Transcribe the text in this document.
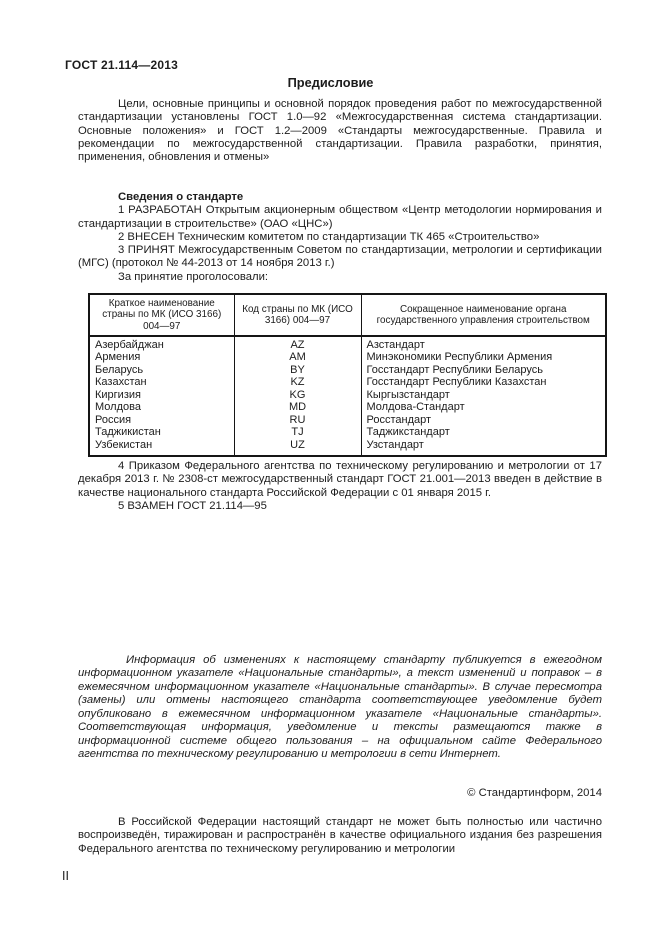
ГОСТ 21.114—2013
Предисловие

Цели, основные принципы и основной порядок проведения работ по межгосударственной стандартизации установлены ГОСТ 1.0—92 «Межгосударственная система стандартизации. Основные положения» и ГОСТ 1.2—2009 «Стандарты межгосударственные. Правила и рекомендации по межгосударственной стандартизации. Правила разработки, принятия, применения, обновления и отмены»

Сведения о стандарте

1 РАЗРАБОТАН Открытым акционерным обществом «Центр методологии нормирования и стандартизации в строительстве» (ОАО «ЦНС»)

2 ВНЕСЕН Техническим комитетом по стандартизации ТК 465 «Строительство»

3 ПРИНЯТ Межгосударственным Советом по стандартизации, метрологии и сертификации (МГС) (протокол № 44-2013 от 14 ноября 2013 г.)

За принятие проголосовали:

Краткое наименование страны по МК (ИСО 3166) 004—97	Код страны по МК (ИСО 3166) 004—97	Сокращенное наименование органа государственного управления строительством
Азербайджан	AZ	Азстандарт
Армения	AM	Минэкономики Республики Армения
Беларусь	BY	Госстандарт Республики Беларусь
Казахстан	KZ	Госстандарт Республики Казахстан
Киргизия	KG	Кыргызстандарт
Молдова	MD	Молдова-Стандарт
Россия	RU	Росстандарт
Таджикистан	TJ	Таджикстандарт
Узбекистан	UZ	Узстандарт

4 Приказом Федерального агентства по техническому регулированию и метрологии от 17 декабря 2013 г. № 2308-ст межгосударственный стандарт ГОСТ 21.001—2013 введен в действие в качестве национального стандарта Российской Федерации с 01 января 2015 г.

5 ВЗАМЕН ГОСТ 21.114—95

Информация об изменениях к настоящему стандарту публикуется в ежегодном информационном указателе «Национальные стандарты», а текст изменений и поправок – в ежемесячном информационном указателе «Национальные стандарты». В случае пересмотра (замены) или отмены настоящего стандарта соответствующее уведомление будет опубликовано в ежемесячном информационном указателе «Национальные стандарты». Соответствующая информация, уведомление и тексты размещаются также в информационной системе общего пользования – на официальном сайте Федерального агентства по техническому регулированию и метрологии в сети Интернет.

© Стандартинформ, 2014

В Российской Федерации настоящий стандарт не может быть полностью или частично воспроизведён, тиражирован и распространён в качестве официального издания без разрешения Федерального агентства по техническому регулированию и метрологии

II
